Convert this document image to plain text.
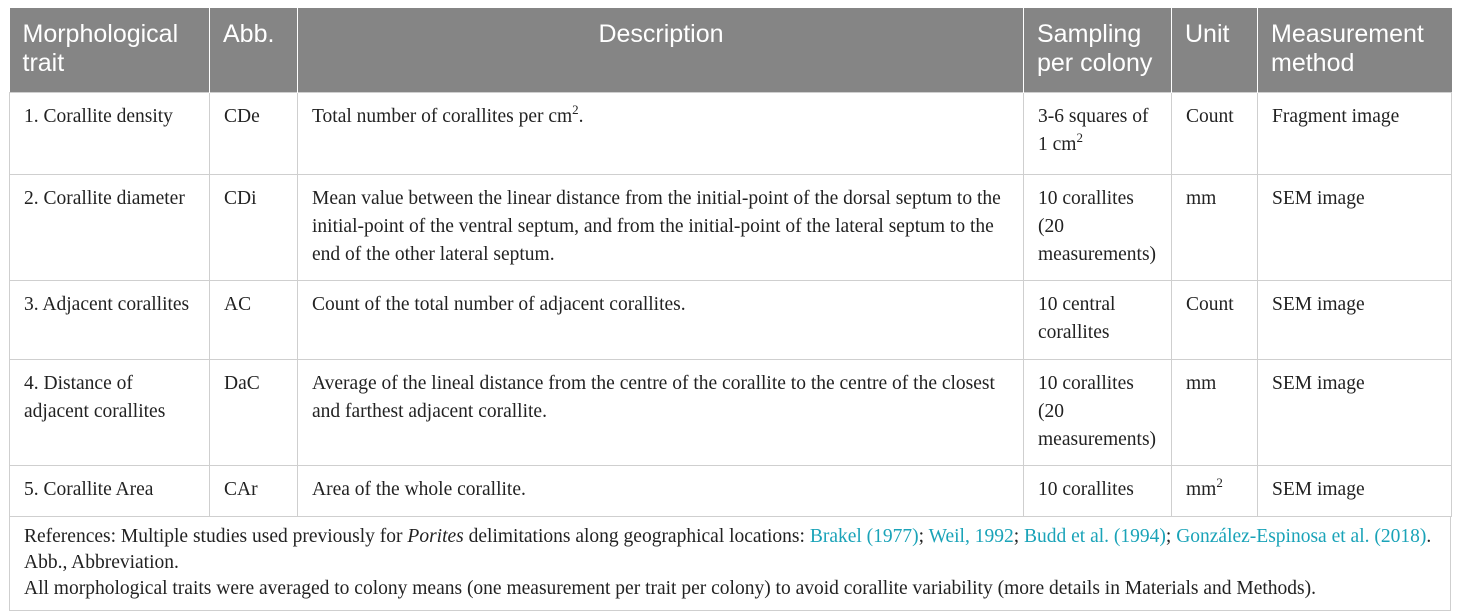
Morphological trait	Abb.	Description	Sampling per colony	Unit	Measurement method
1. Corallite density	CDe	Total number of corallites per $cm^2$.	3-6 squares of 1 $cm^2$	Count	Fragment image
2. Corallite diameter	CDi	Mean value between the linear distance from the initial-point of the dorsal septum to the initial-point of the ventral septum, and from the initial-point of the lateral septum to the end of the other lateral septum.	10 corallites (20 measurements)	mm	SEM image
3. Adjacent corallites	AC	Count of the total number of adjacent corallites.	10 central corallites	Count	SEM image
4. Distance of adjacent corallites	DaC	Average of the lineal distance from the centre of the corallite to the centre of the closest and farthest adjacent corallite.	10 corallites (20 measurements)	mm	SEM image
5. Corallite Area	CAr	Area of the whole corallite.	10 corallites	$mm^2$	SEM image
References: Multiple studies used previously for Porites delimitations along geographical locations: Brakel (1977); Weil, 1992; Budd et al. (1994); González-Espinosa et al. (2018). Abb., Abbreviation.
All morphological traits were averaged to colony means (one measurement per trait per colony) to avoid corallite variability (more details in Materials and Methods).
